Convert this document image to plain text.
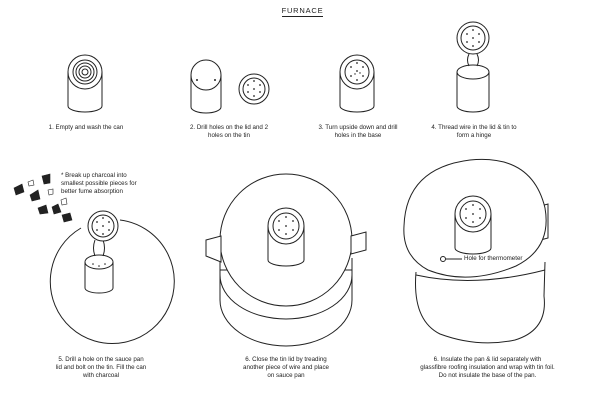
FURNACE
1. Empty and wash the can	2. Drill holes on the lid and 2 holes on the tin
3. Turn upside down and drill holes in the base
4. Thread wire in the lid & tin to form a hinge
5. Drill a hole on the sauce pan lid and bolt on the tin. Fill the can with charcoal
6. Close the tin lid by treading another piece of wire and place on sauce pan
6. Insulate the pan & lid separately with glassfibre roofing insulation and wrap with tin foil. Do not insulate the base of the pan.
* Break up charcoal into smallest possible pieces for better fume absorption
Hole for thermometer
